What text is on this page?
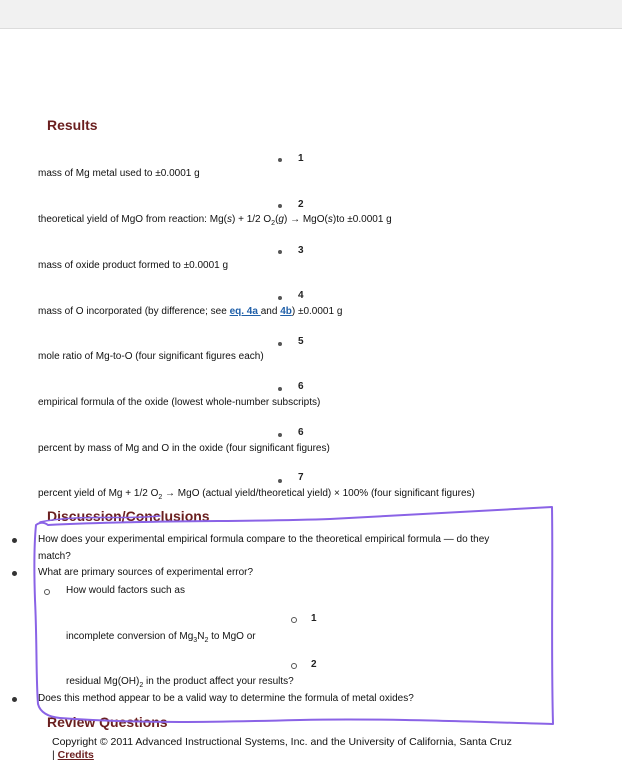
Results
1
mass of Mg metal used to ±0.0001 g
2
theoretical yield of MgO from reaction: Mg(s) + 1/2 $O_2(g) \to MgO(s)to \pm 0.0001$ g
3
mass of oxide product formed to ±0.0001 g
4
mass of O incorporated (by difference; see eq. 4a and 4b) ±0.0001 g
5
mole ratio of Mg-to-O (four significant figures each)
6
empirical formula of the oxide (lowest whole-number subscripts)
6
percent by mass of Mg and O in the oxide (four significant figures)
7
percent yield of Mg + 1/2 $O_2$ → MgO (actual yield/theoretical yield) × 100% (four significant figures)
Discussion/Conclusions
How does your experimental empirical formula compare to the theoretical empirical formula — do they
match?
What are primary sources of experimental error?
How would factors such as
1
incomplete conversion of $Mg_3N_2$ to MgO or
2
residual $Mg(OH)_2$ in the product affect your results?
Does this method appear to be a valid way to determine the formula of metal oxides?
Review Questions
Copyright © 2011 Advanced Instructional Systems, Inc. and the University of California, Santa Cruz
| Credits
